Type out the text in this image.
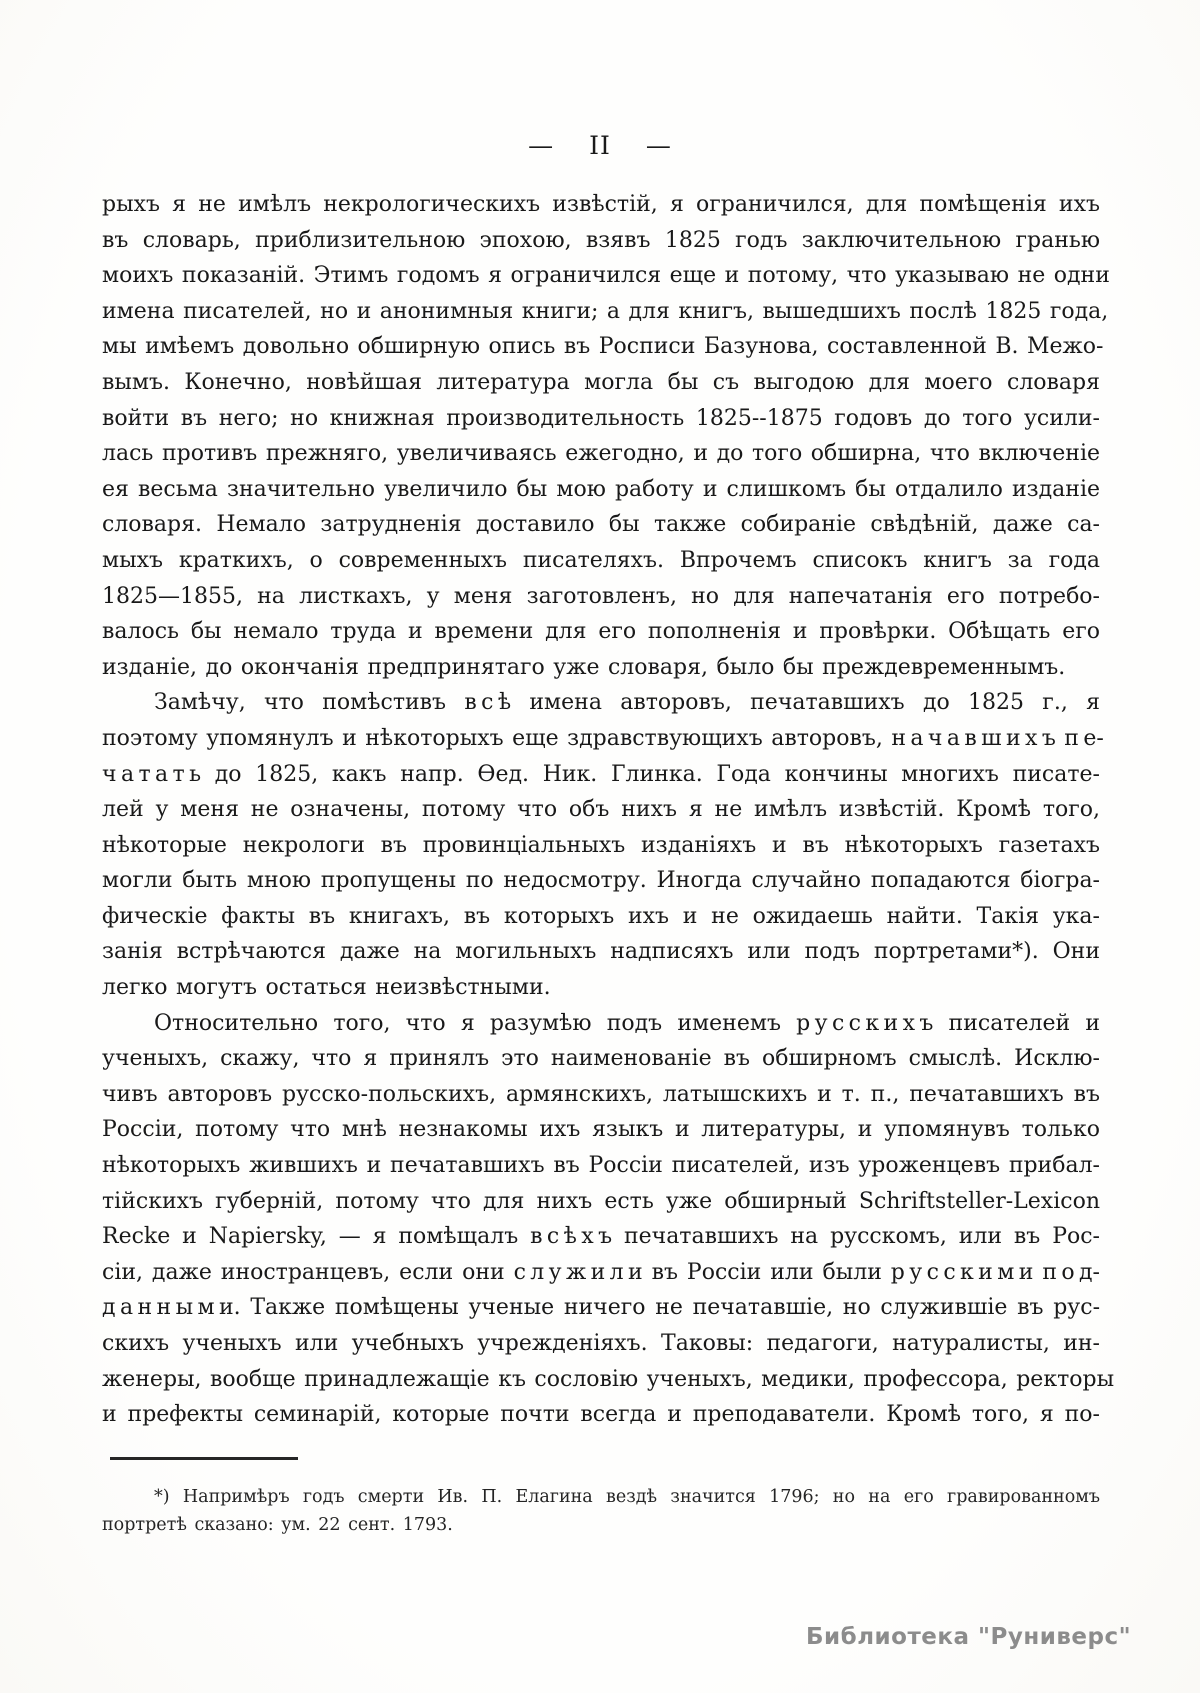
— II —
рыхъ я не имѣлъ некрологическихъ извѣстій, я ограничился, для помѣщенія ихъ
въ словарь, приблизительною эпохою, взявъ 1825 годъ заключительною гранью
моихъ показаній. Этимъ годомъ я ограничился еще и потому, что указываю не одни
имена писателей, но и анонимныя книги; а для книгъ, вышедшихъ послѣ 1825 года,
мы имѣемъ довольно обширную опись въ Росписи Базунова, составленной В. Межо-
вымъ. Конечно, новѣйшая литература могла бы съ выгодою для моего словаря
войти въ него; но книжная производительность 1825--1875 годовъ до того усили-
лась противъ прежняго, увеличиваясь ежегодно, и до того обширна, что включеніе
ея весьма значительно увеличило бы мою работу и слишкомъ бы отдалило изданіе
словаря. Немало затрудненія доставило бы также собираніе свѣдѣній, даже са-
мыхъ краткихъ, о современныхъ писателяхъ. Впрочемъ списокъ книгъ за года
1825—1855, на листкахъ, у меня заготовленъ, но для напечатанія его потребо-
валось бы немало труда и времени для его пополненія и провѣрки. Обѣщать его
изданіе, до окончанія предпринятаго уже словаря, было бы преждевременнымъ.
Замѣчу, что помѣстивъ в с ѣ имена авторовъ, печатавшихъ до 1825 г., я
поэтому упомянулъ и нѣкоторыхъ еще здравствующихъ авторовъ, н а ч а в ш и х ъ п е-
ч а т а т ь до 1825, какъ напр. Ѳед. Ник. Глинка. Года кончины многихъ писате-
лей у меня не означены, потому что объ нихъ я не имѣлъ извѣстій. Кромѣ того,
нѣкоторые некрологи въ провинціальныхъ изданіяхъ и въ нѣкоторыхъ газетахъ
могли быть мною пропущены по недосмотру. Иногда случайно попадаются біогра-
фическіе факты въ книгахъ, въ которыхъ ихъ и не ожидаешь найти. Такія ука-
занія встрѣчаются даже на могильныхъ надписяхъ или подъ портретами*). Они
легко могутъ остаться неизвѣстными.
Относительно того, что я разумѣю подъ именемъ р у с с к и х ъ писателей и
ученыхъ, скажу, что я принялъ это наименованіе въ обширномъ смыслѣ. Исклю-
чивъ авторовъ русско-польскихъ, армянскихъ, латышскихъ и т. п., печатавшихъ въ
Россіи, потому что мнѣ незнакомы ихъ языкъ и литературы, и упомянувъ только
нѣкоторыхъ жившихъ и печатавшихъ въ Россіи писателей, изъ уроженцевъ прибал-
тійскихъ губерній, потому что для нихъ есть уже обширный Schriftsteller-Lexicon
Recke и Napiersky, — я помѣщалъ в с ѣ х ъ печатавшихъ на русскомъ, или въ Рос-
сіи, даже иностранцевъ, если они с л у ж и л и въ Россіи или были р у с с к и м и п о д-
д а н н ы м и. Также помѣщены ученые ничего не печатавшіе, но служившіе въ рус-
скихъ ученыхъ или учебныхъ учрежденіяхъ. Таковы: педагоги, натуралисты, ин-
женеры, вообще принадлежащіе къ сословію ученыхъ, медики, профессора, ректоры
и префекты семинарій, которые почти всегда и преподаватели. Кромѣ того, я по-
*) Напримѣръ годъ смерти Ив. П. Елагина вездѣ значится 1796; но на его гравированномъ
портретѣ сказано: ум. 22 сент. 1793.
Библиотека "Руниверс"
